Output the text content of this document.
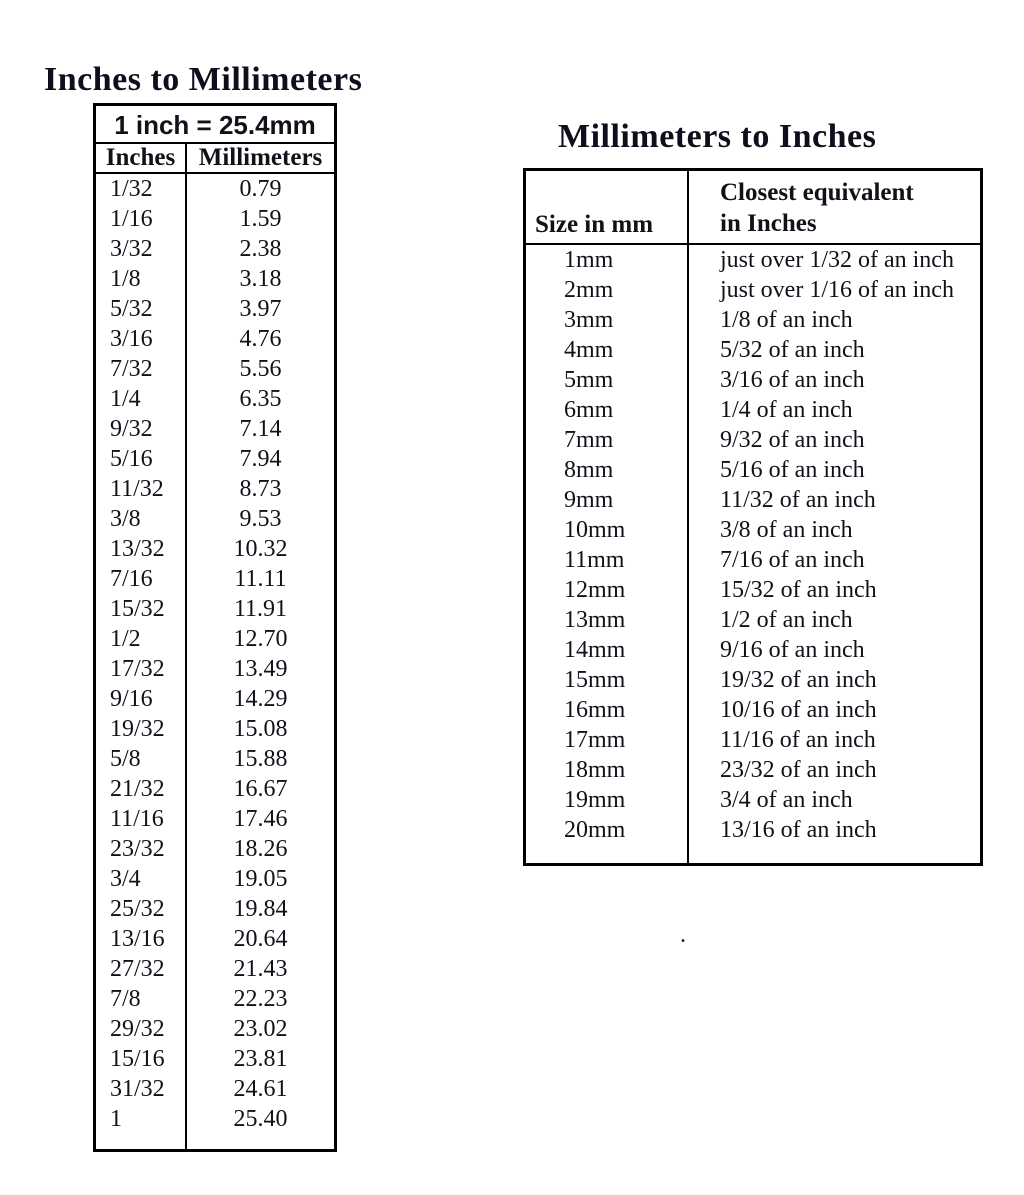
Inches to Millimeters
Millimeters to Inches
1 inch = 25.4mm
Inches Millimeters
1/32	0.79
1/16	1.59
3/32	2.38
1/8	3.18
5/32	3.97
3/16	4.76
7/32	5.56
1/4	6.35
9/32	7.14
5/16	7.94
11/32	8.73
3/8	9.53
13/32	10.32
7/16	11.11
15/32	11.91
1/2	12.70
17/32	13.49
9/16	14.29
19/32	15.08
5/8	15.88
21/32	16.67
11/16	17.46
23/32	18.26
3/4	19.05
25/32	19.84
13/16	20.64
27/32	21.43
7/8	22.23
29/32	23.02
15/16	23.81
31/32	24.61
1	25.40
Size in mm
Closest equivalent
in Inches
1mm	just over 1/32 of an inch
2mm	just over 1/16 of an inch
3mm	1/8 of an inch
4mm	5/32 of an inch
5mm	3/16 of an inch
6mm	1/4 of an inch
7mm	9/32 of an inch
8mm	5/16 of an inch
9mm	11/32 of an inch
10mm	3/8 of an inch
11mm	7/16 of an inch
12mm	15/32 of an inch
13mm	1/2 of an inch
14mm	9/16 of an inch
15mm	19/32 of an inch
16mm	10/16 of an inch
17mm	11/16 of an inch
18mm	23/32 of an inch
19mm	3/4 of an inch
20mm	13/16 of an inch
.
